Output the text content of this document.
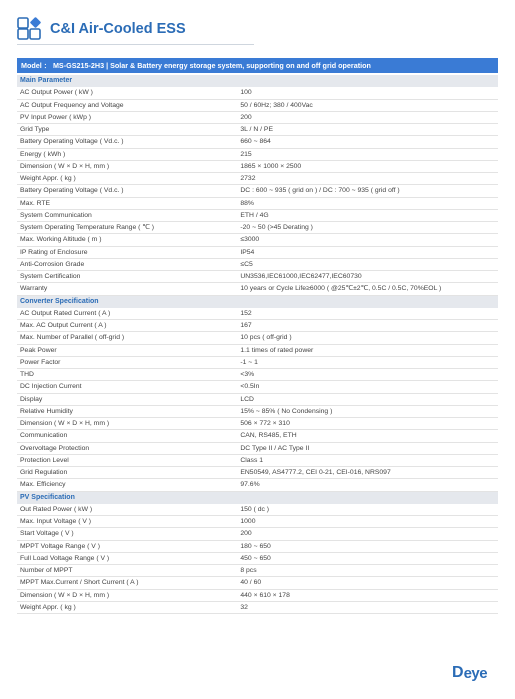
C&I Air-Cooled ESS
Model ： MS-GS215-2H3 | Solar & Battery energy storage system, supporting on and off grid operation
Main Parameter
AC Output Power ( kW )	100
AC Output Frequency and Voltage	50 / 60Hz; 380 / 400Vac
PV Input Power ( kWp )	200
Grid Type	3L / N / PE
Battery Operating Voltage ( Vd.c. )	660 ~ 864
Energy ( kWh )	215
Dimension ( W × D × H, mm )	1865 × 1000 × 2500
Weight Appr. ( kg )	2732
Battery Operating Voltage ( Vd.c. )	DC : 600 ~ 935 ( grid on ) / DC : 700 ~ 935 ( grid off )
Max. RTE	88%
System Communication	ETH / 4G
System Operating Temperature Range ( ℃ )	-20 ~ 50 (>45 Derating )
Max. Working Altitude ( m )	≤3000
IP Rating of Enclosure	IP54
Anti-Corrosion Grade	≤C5
System Certification	UN3536,IEC61000,IEC62477,IEC60730
Warranty	10 years or Cycle Life≥6000 ( @25℃±2℃, 0.5C / 0.5C, 70%EOL )
Converter Specification
AC Output Rated Current ( A )	152
Max. AC Output Current ( A )	167
Max. Number of Parallel ( off-grid )	10 pcs ( off-grid )
Peak Power	1.1 times of rated power
Power Factor	-1 ~ 1
THD	<3%
DC Injection Current	<0.5In
Display	LCD
Relative Humidity	15% ~ 85% ( No Condensing )
Dimension ( W × D × H, mm )	506 × 772 × 310
Communication	CAN, RS485, ETH
Overvoltage Protection	DC Type II / AC Type II
Protection Level	Class 1
Grid Regulation	EN50549, AS4777.2, CEI 0-21, CEI-016, NRS097
Max. Efficiency	97.6%
PV Specification
Out Rated Power ( kW )	150 ( dc )
Max. Input Voltage ( V )	1000
Start Voltage ( V )	200
MPPT Voltage Range ( V )	180 ~ 650
Full Load Voltage Range ( V )	450 ~ 650
Number of MPPT	8 pcs
MPPT Max.Current / Short Current ( A )	40 / 60
Dimension ( W × D × H, mm )	440 × 610 × 178
Weight Appr. ( kg )	32
D eye
